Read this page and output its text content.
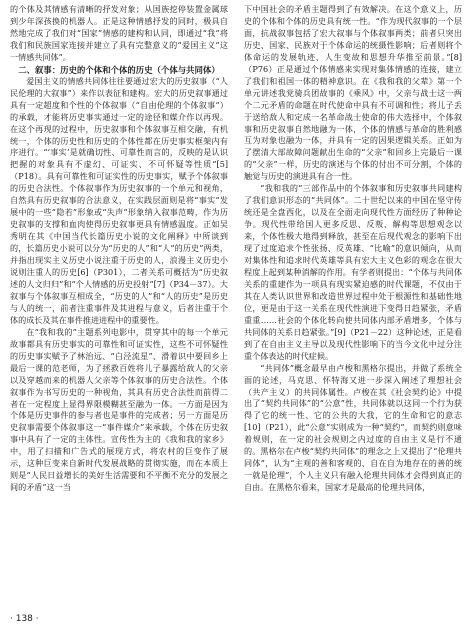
的个体及其情感有清晰的抒发对象；从国族挖停装置金属球到少年深孩换的机器人。正是这种情感抒发的同时，极具自然地完成了我们对“国家”情感的建构和认同，即通过“我”将我们和民族国家连接并建立了具有完整意义的“爱国主义”这一情感共同体”。

二、叙事：历史的个体和个体的历史（个体与共同体）

爱国主义的情感共同体往往要通过宏大的历史叙事（“人民伦理的大叙事”）来作以表征和建构。宏大的历史叙事通过具有一定超度和个性的个体叙事（“自由伦理的个体叙事”）的承载，才能将历史事实通过一定的途径和媒介作以再现。在这个再现的过程中，历史叙事和个体叙事互相交融，有机统一，个体的历史性和历史的个体性都在历史事实框架内有序进行。“‘事实’是就确切性、可靠性而言的，反映的是认识把握的对象具有不虚幻、可证实、不可怀疑等性质”[5]（P18）。具有可靠性和可证实性的历史事实，赋予个体叙事的历史合法性。个体叙事作为历史叙事的一个单元和视角，自然具有历史叙事的合法意义，在实践层面则是将“事实”发展中的一些“隐若”形象或“失声”形象纳入叙事范畴，作为历史叙事的支撑和血肉使得历史叙事更具有情感温度。正如吴秀明在其《中国当代长篇历史小说的文化阐释》中所谈到的，长篇历史小说可以分为“历史的人”和“人”的历史”两类，并指出现实主义历史小说注重于历史的人，浪漫主义历史小说则注重人的历史[6]（P301），二者关系可概括为“历史叙述的人文归归”和“个人情感的历史投射”[7]（P34－37）。大叙事与个体叙事互相成全，“历史的人”和“人的历史”是历史与人的统一，前者注重事件及其进程与意义，后者注重于个体的成长及其在事件推进进程中的重要性。

在“我和我的”主题系列电影中，贯穿其中的每一个单元故事都具有历史事实的可靠性和可证实性，这些不可怀疑性的历史事实赋予了林治远、“白泾流星”、滑着识中要回乡上最后一课的范老师，为了拯救百姓将儿子暴露给敌人的父亲以及穿越而来的机器人父亲等个体叙事的历史合法性。个体叙事作为书写历史的一种视角，其具有历史合法性而前得二者在一定程度上显得界限模糊甚至融为一体。一方面是因为个体是历史事件的参与者也是事件的完成者；另一方面是历史叙事需要个体叙事这一“事件媒介”来承载，个体在历史叙事中具有了一定的主体性。宣传性为主的《我和我的家乡》中，用了扫描和广告式的展现方式，将农村的巨变作了展示，这种巨变来自新时代发展战略的贯彻实施，而在本质上则是“人民日益增长的美好生活需要和不平衡不充分的发展之间的矛盾”这一当

下中国社会的矛盾主题得到了有效解决。在这个意义上，历史的个体和个体的历史具有统一性。“作为现代叙事的一个层面，抗战叙事包括了宏大叙事与个体叙事两类；前者只突出历史、国家、民族对于个体命运的统摄性影响；后者则将个体命运的发展轨迹、人生变故和思想升华推至前景。”[8]（P76）正是通过个体情感来实现对集体情感的连接，建立了我们和祖国一体的精神意识。在《我和我的父辈》第一个单元讲述我党骑兵团故事的《乘风》中，父亲与战士这一两个二元矛盾的命题在时代使命中具有不可调和性；将儿子丢于送给敌人和定成一名革命战士使命的伟大选择中，个体叙事和历史叙事自然地融为一体，个体的情感与革命的胜利感互为对象也融为一体，并具有一定的因果逻辑关系。正如为了摆清大部故障问题献出生命的“父亲”和回乡上完最后一课的“父亲”一样，历史的演述与个体的付出不可分割，个体的触觉与历史的演进具有合一性。

“我和我的”三部作品中的个体叙事和历史叙事共同建构了我们意识形态的“共同体”。二十世纪以来的中国在坚守传统还是全盘西化，以及在全面走向现代性方面经历了种种论争。现代性带给国人更多反思、反叛、解构等思想观念以来，个体性极大地得到释放，甚至在后现代观念的影响下出现了过度追求个性张扬、反英雄、“比喻”的意识倾向，从而对集体性和追求时代英雄等具有宏大主义色彩的观念在很大程度上起到某种消解的作用。有学者则提出：“个体与共同体关系的重建作为一项具有现实紧迫感的时代课题，不仅由于其在人类认识世界和改造世界过程中处于根源性和基础性地位，更是由于这一关系在现代性演进下变得日趋紧张，矛盾重重……社会的个体化转向使共同体内部矛盾增多，个体与共同体的关系日趋紧张。”[9]（P21－22）这种论述，正是看到了在自由主义主导以及现代性影响下的当今文化中过分注重个体表达的时代症候。

“共同体”概念最早由卢梭和黑格尔提出，并做了系统全面的论述，马克思、怀特海又进一步深入阐述了理想社会（共产主义）的共同体属性。卢梭在其《社会契约论》中提出了“契约共同体”的“公意”性，共同体就以这同一个行为获得了它的统一性、它的公共的大我，它的生命和它的意志[10]（P21），此“公意”实则成为一种“契约”，而契约则意味着规则，在一定的社会规则之内过度的自由主义是行不通的。黑格尔在卢梭“契约共同体”的理念之上又提出了“伦理共同体”，认为“主观的善和客观的、自在自为地存在的善的统一就是伦理”，个人主义只有融入伦理共同体才会得到真正的自由。在黑格尔看来，国家才是最高的伦理共同体，

· 138 ·
